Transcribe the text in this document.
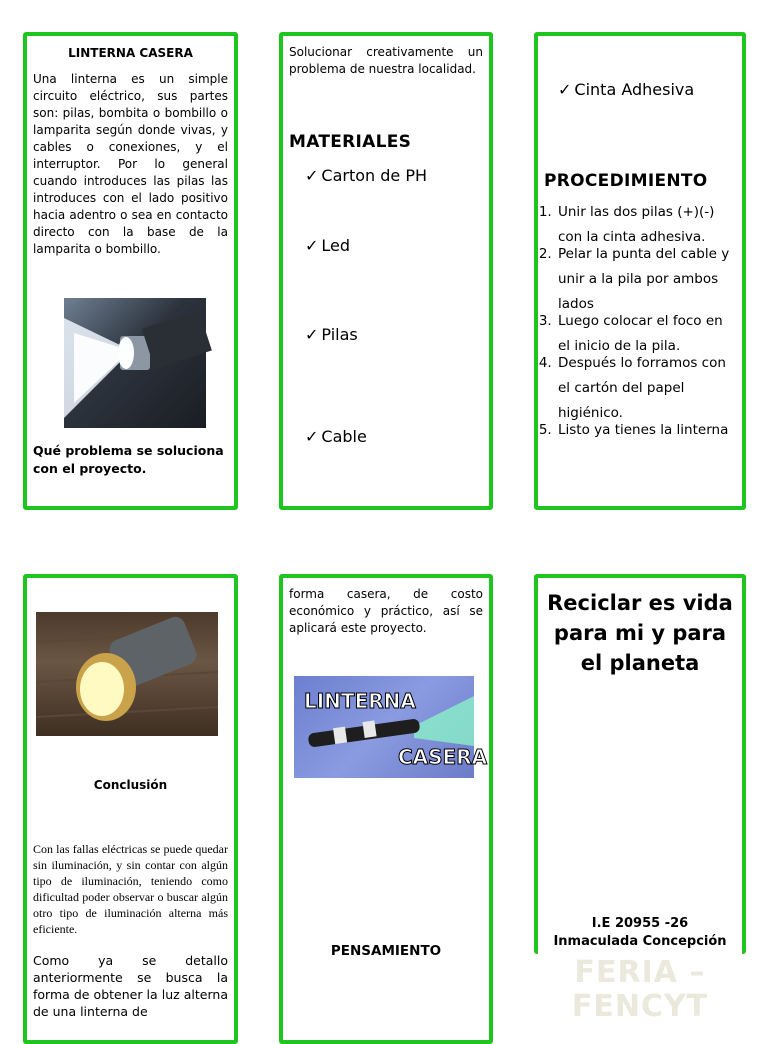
LINTERNA CASERA

Una linterna es un simple circuito eléctrico, sus partes son: pilas, bombita o bombillo o lamparita según donde vivas, y cables o conexiones, y el interruptor. Por lo general cuando introduces las pilas las introduces con el lado positivo hacia adentro o sea en contacto directo con la base de la lamparita o bombillo.

Qué problema se soluciona con el proyecto.

Solucionar creativamente un problema de nuestra localidad.

MATERIALES
✓ Carton de PH
✓ Led
✓ Pilas
✓ Cable
✓ Cinta Adhesiva
PROCEDIMIENTO
1. Unir las dos pilas (+)(-) con la cinta adhesiva.
2. Pelar la punta del cable y unir a la pila por ambos lados
3. Luego colocar el foco en el inicio de la pila.
4. Después lo forramos con el cartón del papel higiénico.
5. Listo ya tienes la linterna
Conclusión

Con las fallas eléctricas se puede quedar sin iluminación, y sin contar con algún tipo de iluminación, teniendo como dificultad poder observar o buscar algún otro tipo de iluminación alterna más eficiente.

Como ya se detallo anteriormente se busca la forma de obtener la luz alterna de una linterna de

forma casera, de costo económico y práctico, así se aplicará este proyecto.

LINTERNA
CASERA
PENSAMIENTO
Reciclar es vida para mi y para el planeta
I.E 20955 -26
Inmaculada Concepción
FERIA – FENCYT
